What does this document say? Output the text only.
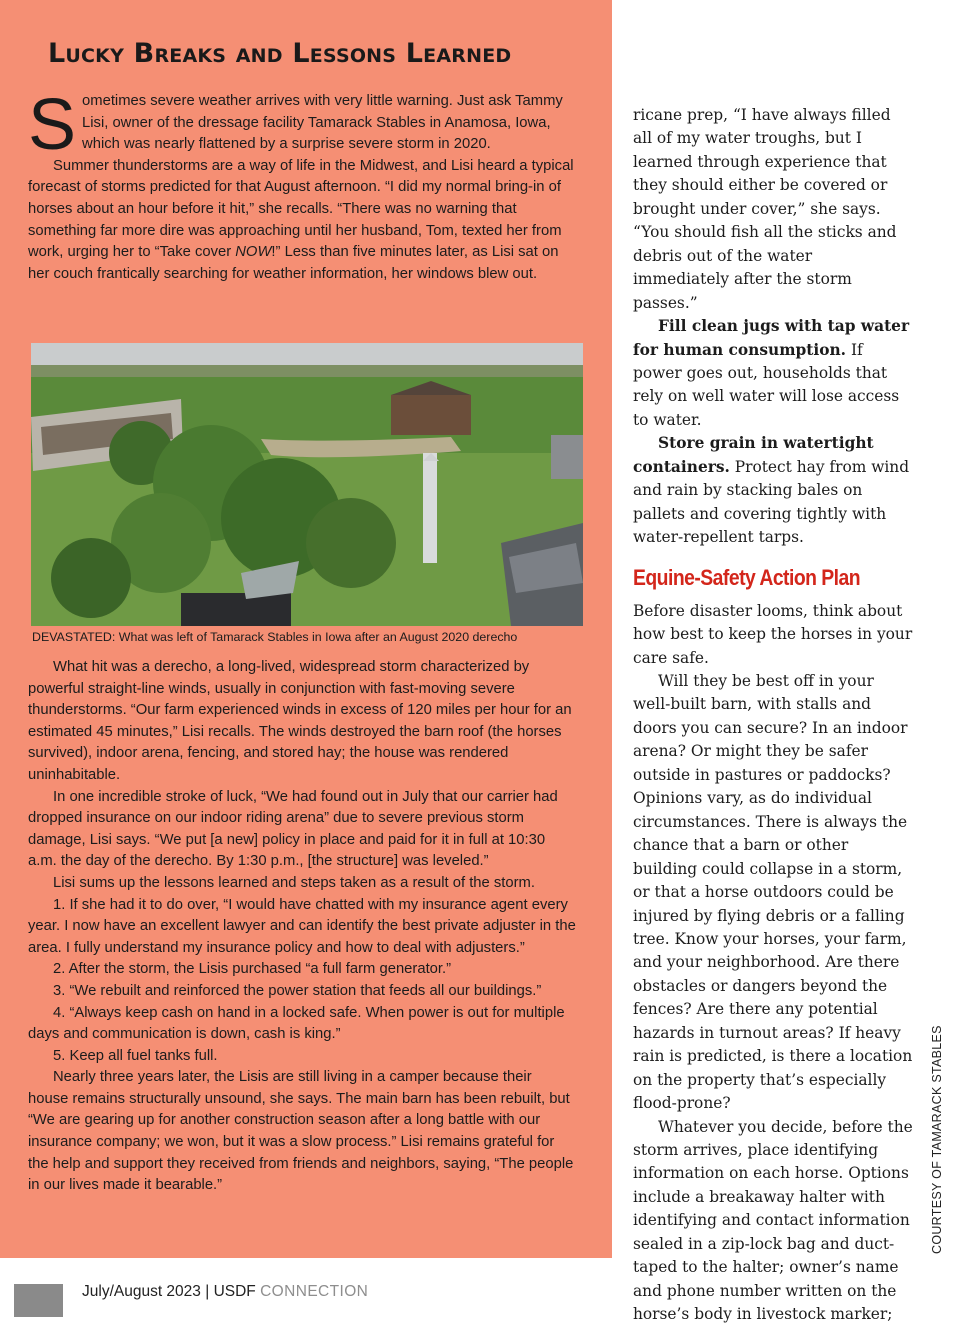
Lucky Breaks and Lessons Learned

Sometimes severe weather arrives with very little warning. Just ask Tammy Lisi, owner of the dressage facility Tamarack Stables in Anamosa, Iowa, which was nearly flattened by a surprise severe storm in 2020.

Summer thunderstorms are a way of life in the Midwest, and Lisi heard a typical forecast of storms predicted for that August afternoon. “I did my normal bring-in of horses about an hour before it hit,” she recalls. “There was no warning that something far more dire was approaching until her husband, Tom, texted her from work, urging her to “Take cover NOW!” Less than five minutes later, as Lisi sat on her couch frantically searching for weather information, her windows blew out.

DEVASTATED: What was left of Tamarack Stables in Iowa after an August 2020 derecho

What hit was a derecho, a long-lived, widespread storm characterized by powerful straight-line winds, usually in conjunction with fast-moving severe thunderstorms. “Our farm experienced winds in excess of 120 miles per hour for an estimated 45 minutes,” Lisi recalls. The winds destroyed the barn roof (the horses survived), indoor arena, fencing, and stored hay; the house was rendered uninhabitable.

In one incredible stroke of luck, “We had found out in July that our carrier had dropped insurance on our indoor riding arena” due to severe previous storm damage, Lisi says. “We put [a new] policy in place and paid for it in full at 10:30 a.m. the day of the derecho. By 1:30 p.m., [the structure] was leveled.”

Lisi sums up the lessons learned and steps taken as a result of the storm.

1. If she had it to do over, “I would have chatted with my insurance agent every year. I now have an excellent lawyer and can identify the best private adjuster in the area. I fully understand my insurance policy and how to deal with adjusters.”

2. After the storm, the Lisis purchased “a full farm generator.”

3. “We rebuilt and reinforced the power station that feeds all our buildings.”

4. “Always keep cash on hand in a locked safe. When power is out for multiple days and communication is down, cash is king.”

5. Keep all fuel tanks full.

Nearly three years later, the Lisis are still living in a camper because their house remains structurally unsound, she says. The main barn has been rebuilt, but “We are gearing up for another construction season after a long battle with our insurance company; we won, but it was a slow process.” Lisi remains grateful for the help and support they received from friends and neighbors, saying, “The people in our lives made it bearable.”

ricane prep, “I have always filled all of my water troughs, but I learned through experience that they should either be covered or brought under cover,” she says. “You should fish all the sticks and debris out of the water immediately after the storm passes.”

Fill clean jugs with tap water for human consumption. If power goes out, households that rely on well water will lose access to water.

Store grain in watertight containers. Protect hay from wind and rain by stacking bales on pallets and covering tightly with water-repellent tarps.

Equine-Safety Action Plan

Before disaster looms, think about how best to keep the horses in your care safe.

Will they be best off in your well-built barn, with stalls and doors you can secure? In an indoor arena? Or might they be safer outside in pastures or paddocks? Opinions vary, as do individual circumstances. There is always the chance that a barn or other building could collapse in a storm, or that a horse outdoors could be injured by flying debris or a falling tree. Know your horses, your farm, and your neighborhood. Are there obstacles or dangers beyond the fences? Are there any potential hazards in turnout areas? If heavy rain is predicted, is there a location on the property that’s especially flood-prone?

Whatever you decide, before the storm arrives, place identifying information on each horse. Options include a breakaway halter with identifying and contact information sealed in a zip-lock bag and duct-taped to the halter; owner’s name and phone number written on the horse’s body in livestock marker;

COURTESY OF TAMARACK STABLES

July/August 2023 | USDF CONNECTION
